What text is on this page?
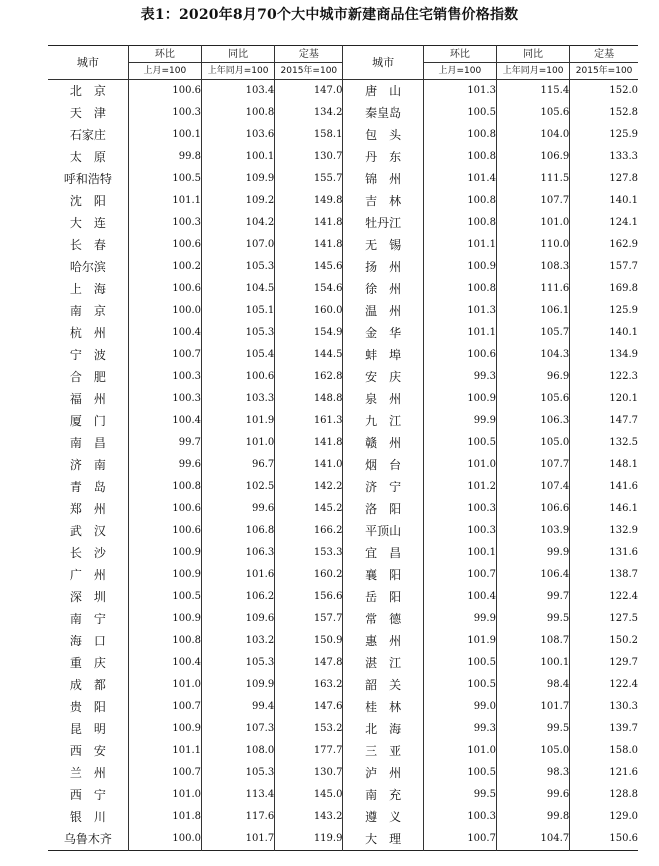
表1：2020年8月70个大中城市新建商品住宅销售价格指数
城市	环比	同比	定基	城市	环比	同比	定基
	上月=100	上年同月=100	2015年=100		上月=100	上年同月=100	2015年=100
北　京	100.6	103.4	147.0	唐　山	101.3	115.4	152.0
天　津	100.3	100.8	134.2	秦皇岛	100.5	105.6	152.8
石家庄	100.1	103.6	158.1	包　头	100.8	104.0	125.9
太　原	99.8	100.1	130.7	丹　东	100.8	106.9	133.3
呼和浩特	100.5	109.9	155.7	锦　州	101.4	111.5	127.8
沈　阳	101.1	109.2	149.8	吉　林	100.8	107.7	140.1
大　连	100.3	104.2	141.8	牡丹江	100.8	101.0	124.1
长　春	100.6	107.0	141.8	无　锡	101.1	110.0	162.9
哈尔滨	100.2	105.3	145.6	扬　州	100.9	108.3	157.7
上　海	100.6	104.5	154.6	徐　州	100.8	111.6	169.8
南　京	100.0	105.1	160.0	温　州	101.3	106.1	125.9
杭　州	100.4	105.3	154.9	金　华	101.1	105.7	140.1
宁　波	100.7	105.4	144.5	蚌　埠	100.6	104.3	134.9
合　肥	100.3	100.6	162.8	安　庆	99.3	96.9	122.3
福　州	100.3	103.3	148.8	泉　州	100.9	105.6	120.1
厦　门	100.4	101.9	161.3	九　江	99.9	106.3	147.7
南　昌	99.7	101.0	141.8	赣　州	100.5	105.0	132.5
济　南	99.6	96.7	141.0	烟　台	101.0	107.7	148.1
青　岛	100.8	102.5	142.2	济　宁	101.2	107.4	141.6
郑　州	100.6	99.6	145.2	洛　阳	100.3	106.6	146.1
武　汉	100.6	106.8	166.2	平顶山	100.3	103.9	132.9
长　沙	100.9	106.3	153.3	宜　昌	100.1	99.9	131.6
广　州	100.9	101.6	160.2	襄　阳	100.7	106.4	138.7
深　圳	100.5	106.2	156.6	岳　阳	100.4	99.7	122.4
南　宁	100.9	109.6	157.7	常　德	99.9	99.5	127.5
海　口	100.8	103.2	150.9	惠　州	101.9	108.7	150.2
重　庆	100.4	105.3	147.8	湛　江	100.5	100.1	129.7
成　都	101.0	109.9	163.2	韶　关	100.5	98.4	122.4
贵　阳	100.7	99.4	147.6	桂　林	99.0	101.7	130.3
昆　明	100.9	107.3	153.2	北　海	99.3	99.5	139.7
西　安	101.1	108.0	177.7	三　亚	101.0	105.0	158.0
兰　州	100.7	105.3	130.7	泸　州	100.5	98.3	121.6
西　宁	101.0	113.4	145.0	南　充	99.5	99.6	128.8
银　川	101.8	117.6	143.2	遵　义	100.3	99.8	129.0
乌鲁木齐	100.0	101.7	119.9	大　理	100.7	104.7	150.6
